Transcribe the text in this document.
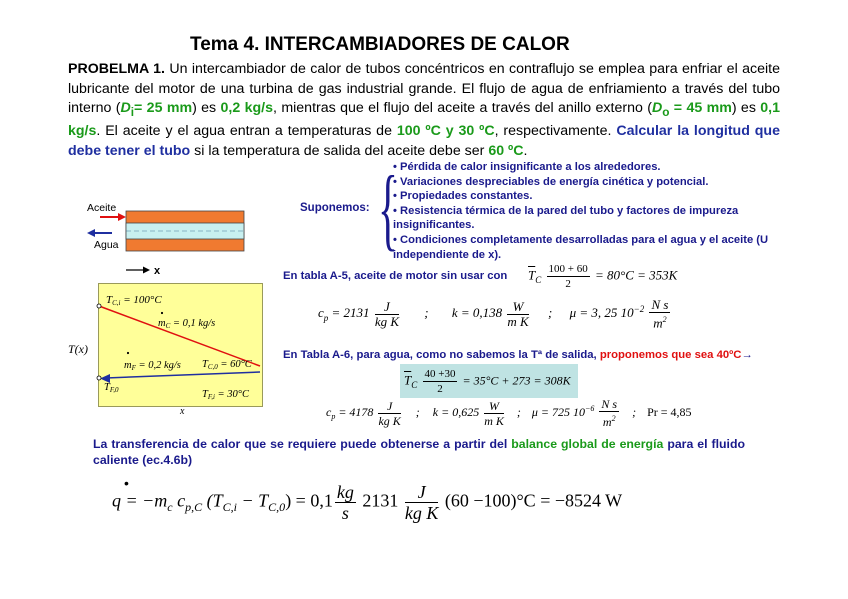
Tema 4. INTERCAMBIADORES DE CALOR
PROBELMA 1. Un intercambiador de calor de tubos concéntricos en contraflujo se emplea para enfriar el aceite lubricante del motor de una turbina de gas industrial grande. El flujo de agua de enfriamiento a través del tubo interno ($D_i= 25$ mm) es 0,2 kg/s, mientras que el flujo del aceite a través del anillo externo ($D_o = 45$ mm) es 0,1 kg/s. El aceite y el agua entran a temperaturas de 100 ºC y 30 ºC, respectivamente. Calcular la longitud que debe tener el tubo si la temperatura de salida del aceite debe ser 60 ºC.
Suponemos: {
• Pérdida de calor insignificante a los alrededores.
• Variaciones despreciables de energía cinética y potencial.
• Propiedades constantes.
• Resistencia térmica de la pared del tubo y factores de impureza insignificantes.
• Condiciones completamente desarrolladas para el agua y el aceite (U independiente de x).
Aceite
Agua
x
T(x)
TC,i = 100°C
mC = 0,1 kg/s
mF = 0,2 kg/s TC,0 = 60°C
TF,0	TF,i = 30°C
x
En tabla A-5, aceite de motor sin usar con $\overline{T}_C \frac{100 + 60}{2} = 80^\circ C = 353K$
$c_p = 2131 \frac{J}{\text{kg K}}$ ; $k = 0,138 \frac{W}{\text{m K}}$ ; μ = 3, 25 $10^{-2} \frac{\text{N s}}{m^2}$
En Tabla A-6, para agua, como no sabemos la Tª de salida, proponemos que sea 40ºC→
$\overline{T}_C \frac{40 +30}{2} = 35^\circ C + 273 = 308K$
$c_p = 4178 \frac{J}{\text{kg K}}$ ; $k = 0,625 \frac{W}{\text{m K}}$ ; μ = 725 $10^{-6} \frac{\text{N s}}{m^2}$ ; Pr = 4,85
La transferencia de calor que se requiere puede obtenerse a partir del balance global de energía para el fluido caliente (ec.4.6b)
$q = -m_c$ $c_{p,C}$ $(T_{C,i} - T_{C,0}) = 0,1 \frac{kg}{s} 2131 \frac{J}{\text{kg K}} (60 -100)^\circ C = -8524$ W
•
